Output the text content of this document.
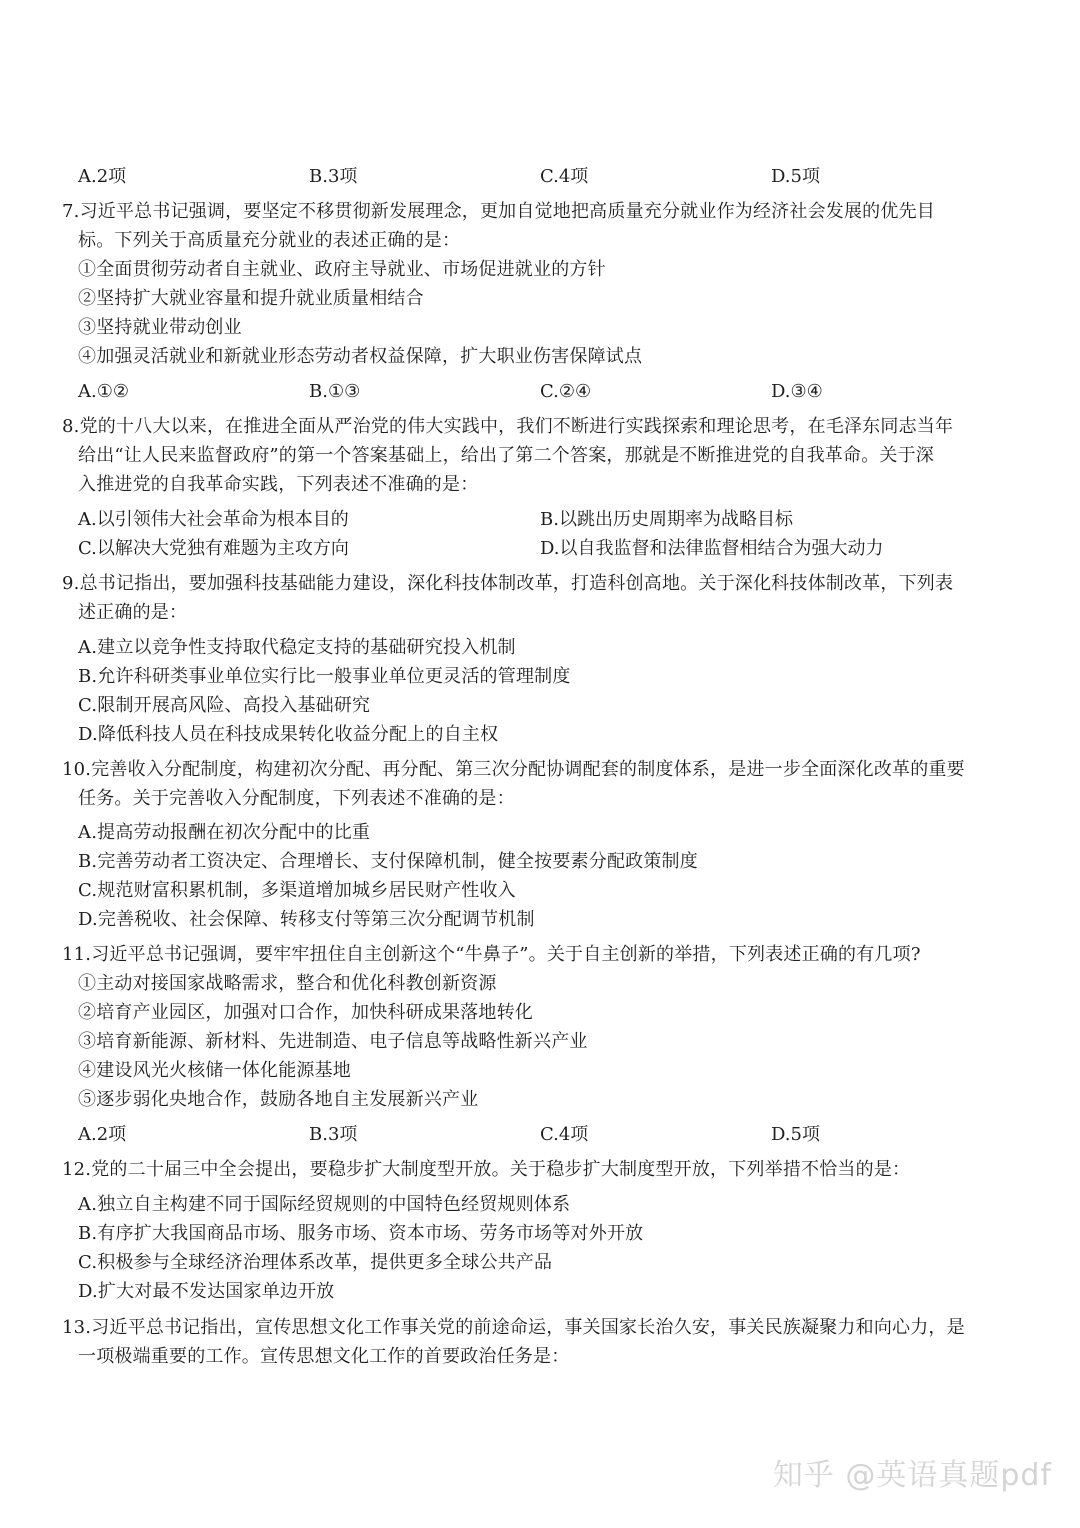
A.2项	B.3项	C.4项	D.5项
7.习近平总书记强调，要坚定不移贯彻新发展理念，更加自觉地把高质量充分就业作为经济社会发展的优先目
标。下列关于高质量充分就业的表述正确的是：
①全面贯彻劳动者自主就业、政府主导就业、市场促进就业的方针
②坚持扩大就业容量和提升就业质量相结合
③坚持就业带动创业
④加强灵活就业和新就业形态劳动者权益保障，扩大职业伤害保障试点
A.①②	B.①③	C.②④	D.③④
8.党的十八大以来，在推进全面从严治党的伟大实践中，我们不断进行实践探索和理论思考，在毛泽东同志当年
给出“让人民来监督政府”的第一个答案基础上，给出了第二个答案，那就是不断推进党的自我革命。关于深
入推进党的自我革命实践，下列表述不准确的是：
A.以引领伟大社会革命为根本目的	B.以跳出历史周期率为战略目标
C.以解决大党独有难题为主攻方向	D.以自我监督和法律监督相结合为强大动力
9.总书记指出，要加强科技基础能力建设，深化科技体制改革，打造科创高地。关于深化科技体制改革，下列表
述正确的是：
A.建立以竞争性支持取代稳定支持的基础研究投入机制
B.允许科研类事业单位实行比一般事业单位更灵活的管理制度
C.限制开展高风险、高投入基础研究
D.降低科技人员在科技成果转化收益分配上的自主权
10.完善收入分配制度，构建初次分配、再分配、第三次分配协调配套的制度体系，是进一步全面深化改革的重要
任务。关于完善收入分配制度，下列表述不准确的是：
A.提高劳动报酬在初次分配中的比重
B.完善劳动者工资决定、合理增长、支付保障机制，健全按要素分配政策制度
C.规范财富积累机制，多渠道增加城乡居民财产性收入
D.完善税收、社会保障、转移支付等第三次分配调节机制
11.习近平总书记强调，要牢牢扭住自主创新这个“牛鼻子”。关于自主创新的举措，下列表述正确的有几项?
①主动对接国家战略需求，整合和优化科教创新资源
②培育产业园区，加强对口合作，加快科研成果落地转化
③培育新能源、新材料、先进制造、电子信息等战略性新兴产业
④建设风光火核储一体化能源基地
⑤逐步弱化央地合作，鼓励各地自主发展新兴产业
A.2项	B.3项	C.4项	D.5项
12.党的二十届三中全会提出，要稳步扩大制度型开放。关于稳步扩大制度型开放，下列举措不恰当的是：
A.独立自主构建不同于国际经贸规则的中国特色经贸规则体系
B.有序扩大我国商品市场、服务市场、资本市场、劳务市场等对外开放
C.积极参与全球经济治理体系改革，提供更多全球公共产品
D.扩大对最不发达国家单边开放
13.习近平总书记指出，宣传思想文化工作事关党的前途命运，事关国家长治久安，事关民族凝聚力和向心力，是
一项极端重要的工作。宣传思想文化工作的首要政治任务是：
知乎 @英语真题pdf
